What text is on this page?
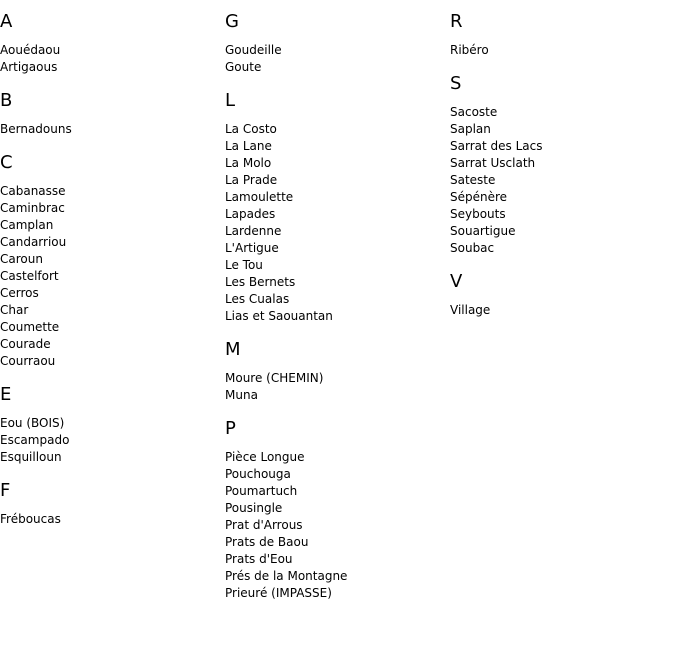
A
Aouédaou
Artigaous
B
Bernadouns
C
Cabanasse
Caminbrac
Camplan
Candarriou
Caroun
Castelfort
Cerros
Char
Coumette
Courade
Courraou
E
Eou (BOIS)
Escampado
Esquilloun
F
Fréboucas
G
Goudeille
Goute
L
La Costo
La Lane
La Molo
La Prade
Lamoulette
Lapades
Lardenne
L'Artigue
Le Tou
Les Bernets
Les Cualas
Lias et Saouantan
M
Moure (CHEMIN)
Muna
P
Pièce Longue
Pouchouga
Poumartuch
Pousingle
Prat d'Arrous
Prats de Baou
Prats d'Eou
Prés de la Montagne
Prieuré (IMPASSE)
R
Ribéro
S
Sacoste
Saplan
Sarrat des Lacs
Sarrat Usclath
Sateste
Sépénère
Seybouts
Souartigue
Soubac
V
Village
